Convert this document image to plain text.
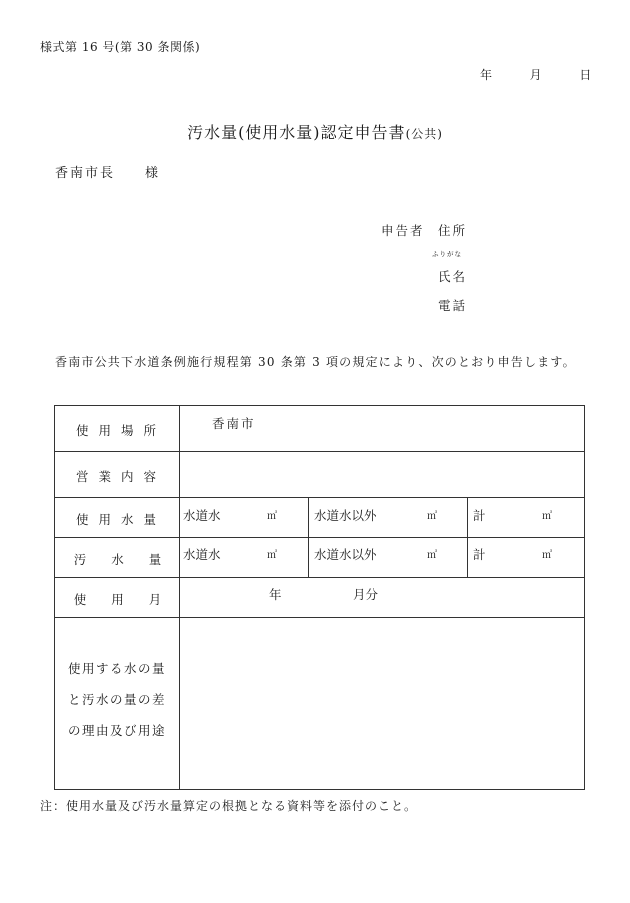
様式第 16 号(第 30 条関係)
年	月	日
汚水量(使用水量)認定申告書(公共)
香南市長　　様
申告者 住所
ふりがな
氏名
電話
香南市公共下水道条例施行規程第 30 条第 3 項の規定により、次のとおり申告します。
使 用 場 所	香南市
営 業 内 容
使 用 水 量	水道水	㎥	水道水以外	㎥	計	㎥
汚　　水　　量	水道水	㎥	水道水以外	㎥	計	㎥
使　　用　　月	年	月分
使用する水の量
と汚水の量の差
の理由及び用途
注：使用水量及び汚水量算定の根拠となる資料等を添付のこと。
